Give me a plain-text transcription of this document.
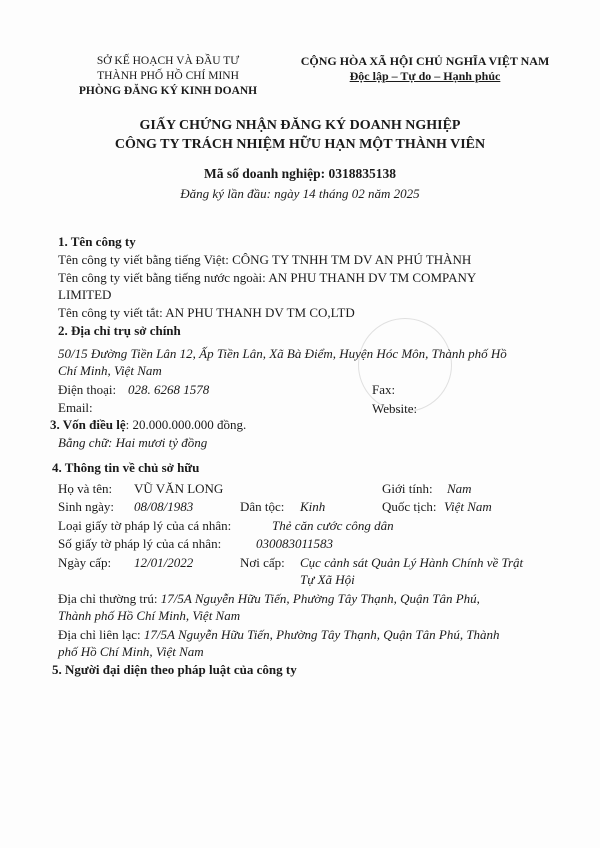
SỞ KẾ HOẠCH VÀ ĐẦU TƯ
THÀNH PHỐ HỒ CHÍ MINH
PHÒNG ĐĂNG KÝ KINH DOANH
CỘNG HÒA XÃ HỘI CHỦ NGHĨA VIỆT NAM
Độc lập – Tự do – Hạnh phúc
GIẤY CHỨNG NHẬN ĐĂNG KÝ DOANH NGHIỆP
CÔNG TY TRÁCH NHIỆM HỮU HẠN MỘT THÀNH VIÊN
Mã số doanh nghiệp: 0318835138
Đăng ký lần đầu: ngày 14 tháng 02 năm 2025
1. Tên công ty
Tên công ty viết bằng tiếng Việt: CÔNG TY TNHH TM DV AN PHÚ THÀNH
Tên công ty viết bằng tiếng nước ngoài: AN PHU THANH DV TM COMPANY
LIMITED
Tên công ty viết tắt: AN PHU THANH DV TM CO,LTD
2. Địa chỉ trụ sở chính
50/15 Đường Tiền Lân 12, Ấp Tiền Lân, Xã Bà Điểm, Huyện Hóc Môn, Thành phố Hồ
Chí Minh, Việt Nam
Điện thoại: 028. 6268 1578	Fax:
Email:	Website:
3. Vốn điều lệ: 20.000.000.000 đồng.
Bằng chữ: Hai mươi tỷ đồng
4. Thông tin về chủ sở hữu
Họ và tên: VŨ VĂN LONG	Giới tính: Nam
Sinh ngày: 08/08/1983	Dân tộc: Kinh	Quốc tịch: Việt Nam
Loại giấy tờ pháp lý của cá nhân:	Thẻ căn cước công dân
Số giấy tờ pháp lý của cá nhân:	030083011583
Ngày cấp: 12/01/2022	Nơi cấp: Cục cảnh sát Quản Lý Hành Chính về Trật
Tự Xã Hội
Địa chỉ thường trú: 17/5A Nguyễn Hữu Tiến, Phường Tây Thạnh, Quận Tân Phú,
Thành phố Hồ Chí Minh, Việt Nam
Địa chỉ liên lạc: 17/5A Nguyễn Hữu Tiến, Phường Tây Thạnh, Quận Tân Phú, Thành
phố Hồ Chí Minh, Việt Nam
5. Người đại diện theo pháp luật của công ty
